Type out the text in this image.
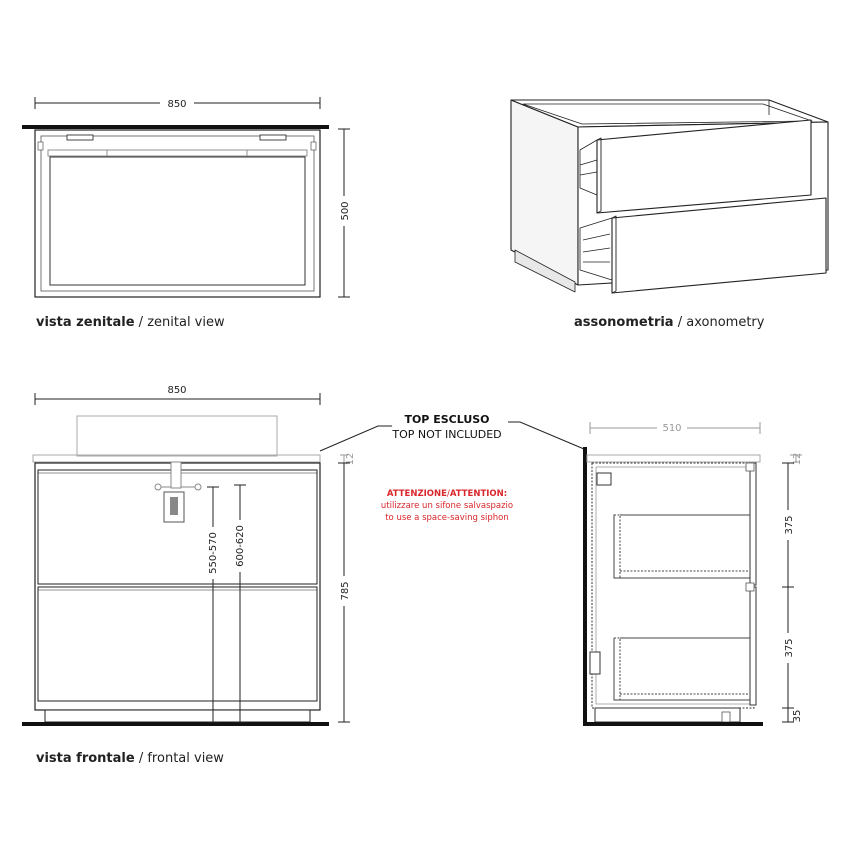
850
500
850
550-570 600-620
12
785
510
12
375
375
35
vista zenitale / zenital view	assonometria / axonometry
vista frontale / frontal view
TOP ESCLUSO
TOP NOT INCLUDED
ATTENZIONE/ATTENTION:
utilizzare un sifone salvaspazio
to use a space-saving siphon
